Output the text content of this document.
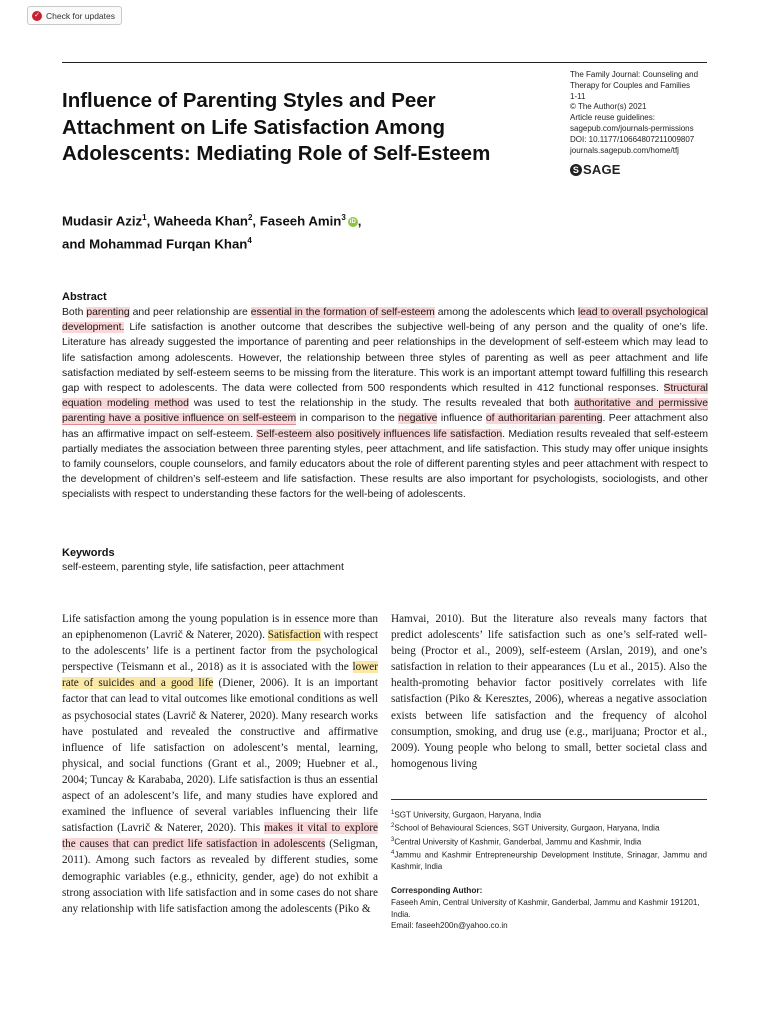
✓ Check for updates
Influence of Parenting Styles and Peer
Attachment on Life Satisfaction Among
Adolescents: Mediating Role of Self-Esteem
The Family Journal: Counseling and
Therapy for Couples and Families
1-11
© The Author(s) 2021
Article reuse guidelines:
sagepub.com/journals-permissions
DOI: 10.1177/10664807211009807
journals.sagepub.com/home/tfj
S SAGE
Mudasir Aziz$^1$, Waheeda Khan$^2$, Faseeh Amin$^3$ iD ,
and Mohammad Furqan Khan$^4$
Abstract
Both parenting and peer relationship are essential in the formation of self-esteem among the adolescents which lead to overall psychological development. Life satisfaction is another outcome that describes the subjective well-being of any person and the quality of one’s life. Literature has already suggested the importance of parenting and peer relationships in the development of self-esteem which may lead to life satisfaction among adolescents. However, the relationship between three styles of parenting as well as peer attachment and life satisfaction mediated by self-esteem seems to be missing from the literature. This work is an important attempt toward fulfilling this research gap with respect to adolescents. The data were collected from 500 respondents which resulted in 412 functional responses. Structural equation modeling method was used to test the relationship in the study. The results revealed that both authoritative and permissive parenting have a positive influence on self-esteem in comparison to the negative influence of authoritarian parenting. Peer attachment also has an affirmative impact on self-esteem. Self-esteem also positively influences life satisfaction. Mediation results revealed that self-esteem partially mediates the association between three parenting styles, peer attachment, and life satisfaction. This study may offer unique insights to family counselors, couple counselors, and family educators about the role of different parenting styles and peer attachment with respect to the development of children’s self-esteem and life satisfaction. These results are also important for psychologists, sociologists, and other specialists with respect to understanding these factors for the well-being of adolescents.
Keywords
self-esteem, parenting style, life satisfaction, peer attachment
Life satisfaction among the young population is in essence more than an epiphenomenon (Lavrič & Naterer, 2020). Satisfaction with respect to the adolescents’ life is a pertinent factor from the psychological perspective (Teismann et al., 2018) as it is associated with the lower rate of suicides and a good life (Diener, 2006). It is an important factor that can lead to vital outcomes like emotional conditions as well as psychosocial states (Lavrič & Naterer, 2020). Many research works have postulated and revealed the constructive and affirmative influence of life satisfaction on adolescent’s mental, learning, physical, and social functions (Grant et al., 2009; Huebner et al., 2004; Tuncay & Karababa, 2020). Life satisfaction is thus an essential aspect of an adolescent’s life, and many studies have explored and examined the influence of several variables influencing their life satisfaction (Lavrič & Naterer, 2020). This makes it vital to explore the causes that can predict life satisfaction in adolescents (Seligman, 2011). Among such factors as revealed by different studies, some demographic variables (e.g., ethnicity, gender, age) do not exhibit a strong association with life satisfaction and in some cases do not share any relationship with life satisfaction among the adolescents (Piko &
Hamvai, 2010). But the literature also reveals many factors that predict adolescents’ life satisfaction such as one’s self-rated well-being (Proctor et al., 2009), self-esteem (Arslan, 2019), and one’s satisfaction in relation to their appearances (Lu et al., 2015). Also the health-promoting behavior factor positively correlates with life satisfaction (Piko & Keresztes, 2006), whereas a negative association exists between life satisfaction and the frequency of alcohol consumption, smoking, and drug use (e.g., marijuana; Proctor et al., 2009). Young people who belong to small, better societal class and homogenous living
$^1$SGT University, Gurgaon, Haryana, India
$^2$School of Behavioural Sciences, SGT University, Gurgaon, Haryana, India
$^3$Central University of Kashmir, Ganderbal, Jammu and Kashmir, India
$^4$Jammu and Kashmir Entrepreneurship Development Institute, Srinagar, Jammu and Kashmir, India
Corresponding Author:
Faseeh Amin, Central University of Kashmir, Ganderbal, Jammu and Kashmir 191201, India.
Email: faseeh200n@yahoo.co.in
